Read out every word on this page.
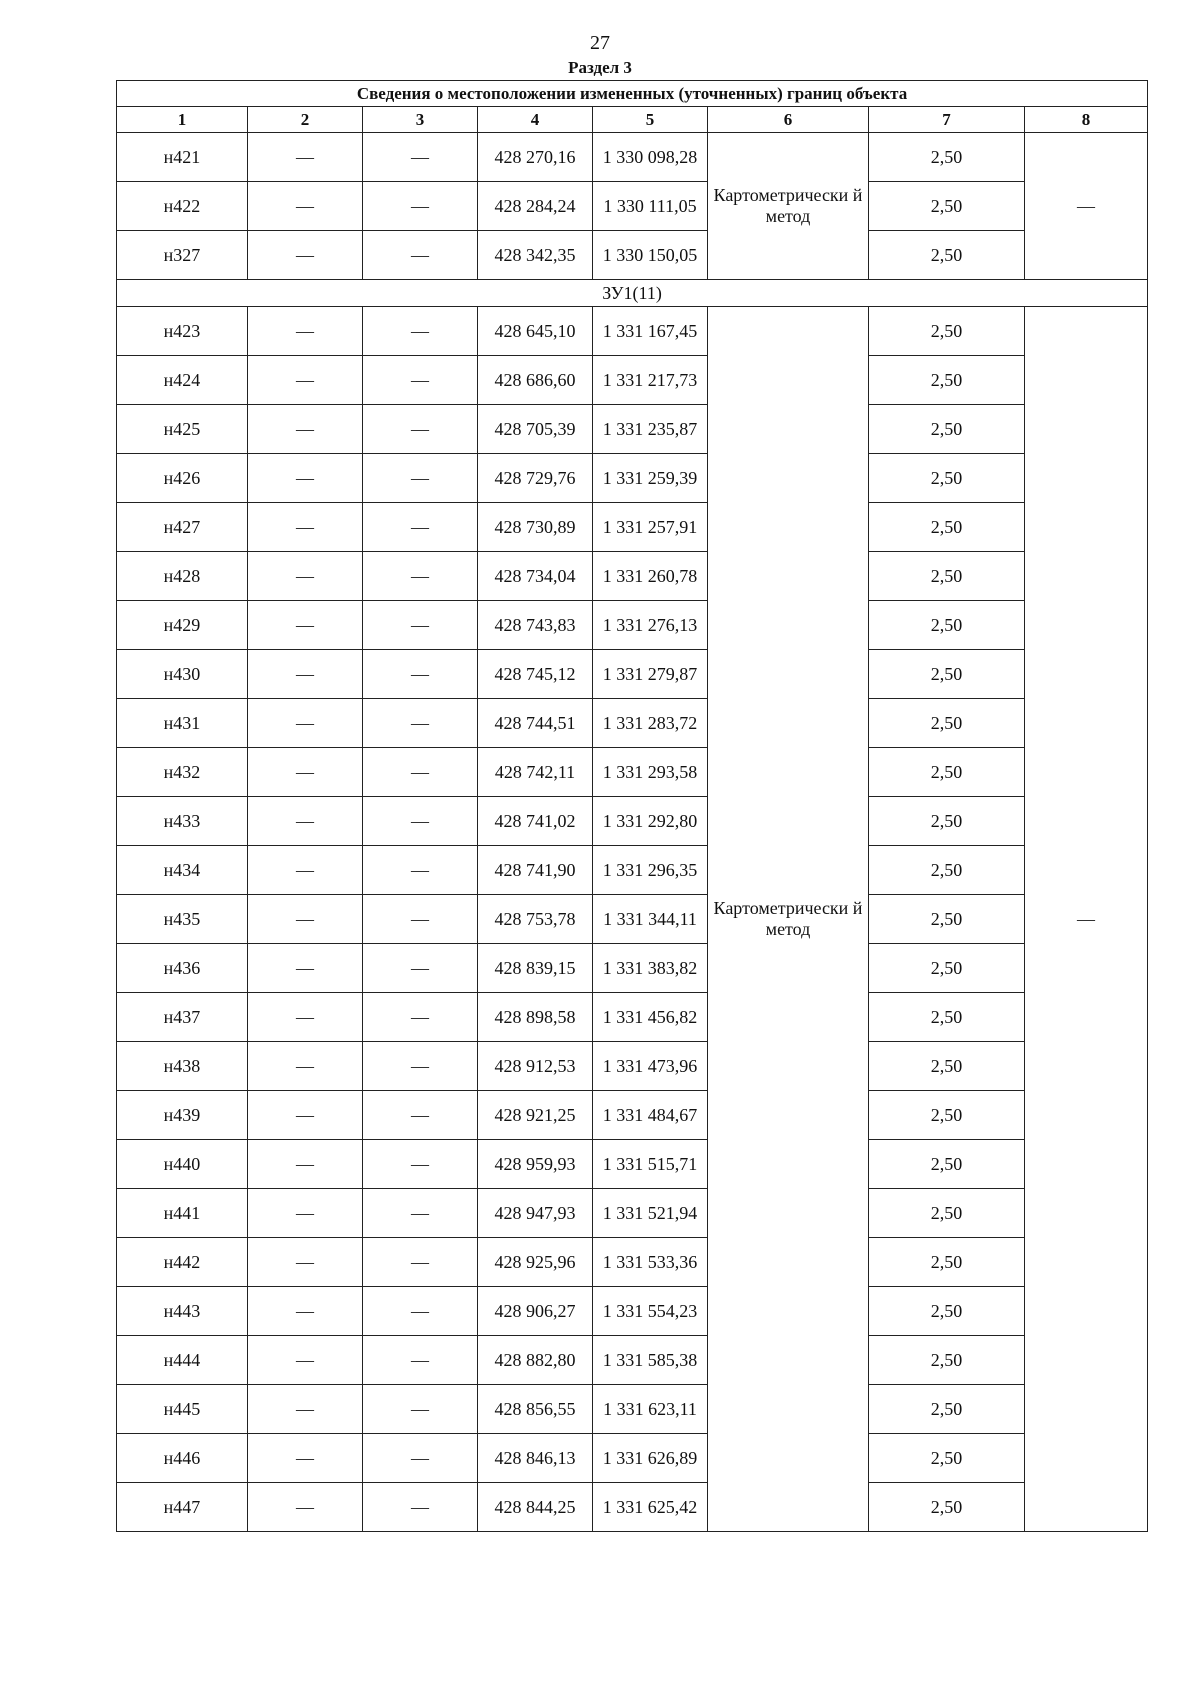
27
Раздел 3
Сведения о местоположении измененных (уточненных) границ объекта							
1	2	3	4	5	6	7	8
н421	—	—	428 270,16	1 330 098,28	Картометрически й метод	2,50	—
н422	—	—	428 284,24	1 330 111,05		2,50	
н327	—	—	428 342,35	1 330 150,05		2,50	
ЗУ1(11)							
н423	—	—	428 645,10	1 331 167,45	Картометрически й метод	2,50	—
н424	—	—	428 686,60	1 331 217,73		2,50	
н425	—	—	428 705,39	1 331 235,87		2,50	
н426	—	—	428 729,76	1 331 259,39		2,50	
н427	—	—	428 730,89	1 331 257,91		2,50	
н428	—	—	428 734,04	1 331 260,78		2,50	
н429	—	—	428 743,83	1 331 276,13		2,50	
н430	—	—	428 745,12	1 331 279,87		2,50	
н431	—	—	428 744,51	1 331 283,72		2,50	
н432	—	—	428 742,11	1 331 293,58		2,50	
н433	—	—	428 741,02	1 331 292,80		2,50	
н434	—	—	428 741,90	1 331 296,35		2,50	
н435	—	—	428 753,78	1 331 344,11		2,50	
н436	—	—	428 839,15	1 331 383,82		2,50	
н437	—	—	428 898,58	1 331 456,82		2,50	
н438	—	—	428 912,53	1 331 473,96		2,50	
н439	—	—	428 921,25	1 331 484,67		2,50	
н440	—	—	428 959,93	1 331 515,71		2,50	
н441	—	—	428 947,93	1 331 521,94		2,50	
н442	—	—	428 925,96	1 331 533,36		2,50	
н443	—	—	428 906,27	1 331 554,23		2,50	
н444	—	—	428 882,80	1 331 585,38		2,50	
н445	—	—	428 856,55	1 331 623,11		2,50	
н446	—	—	428 846,13	1 331 626,89		2,50	
н447	—	—	428 844,25	1 331 625,42		2,50	
